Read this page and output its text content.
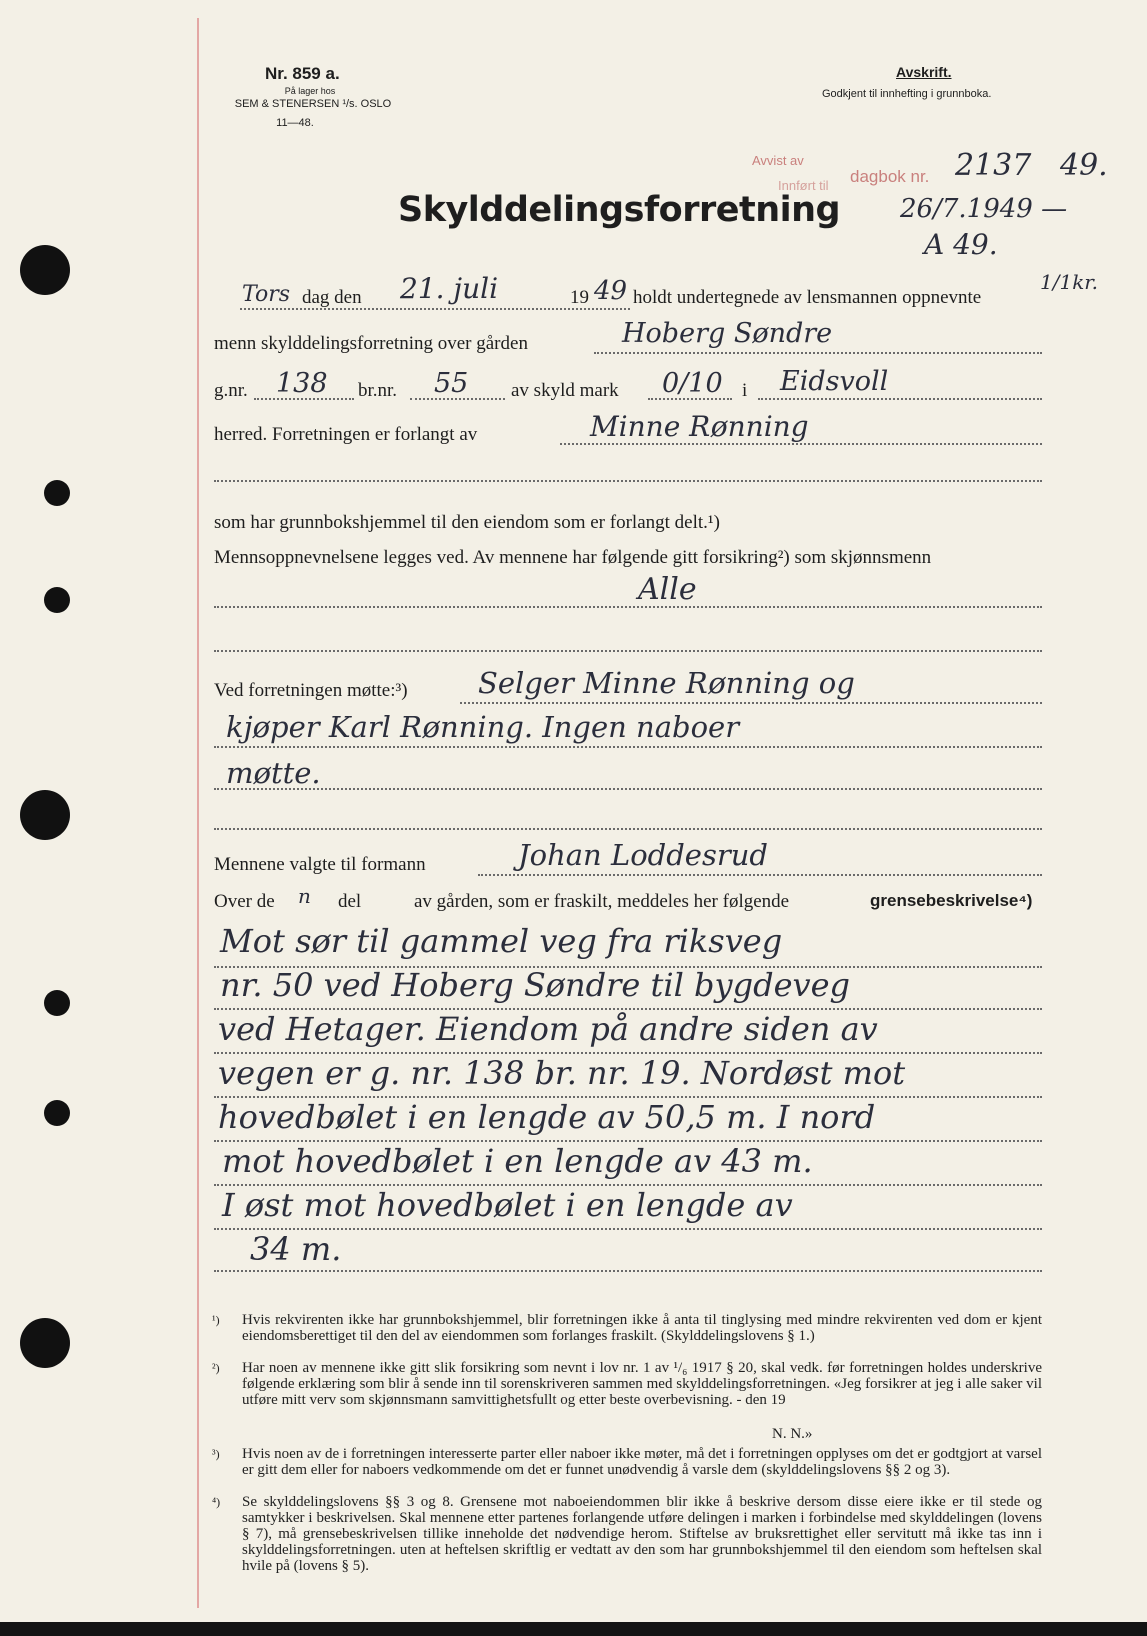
Nr. 859 a.
På lager hos
SEM & STENERSEN ¹/s. OSLO
11—48.
Avskrift.
Godkjent til innhefting i grunnboka.
Avvist av
Innført til dagbok nr. 2137 49.
26/7.1949 —
A 49.
1/1kr.
Skylddelingsforretning
Tors dag den 21. juli	19 49 holdt undertegnede av lensmannen oppnevnte
menn skylddelingsforretning over gården	Hoberg Søndre
g.nr. 138 br.nr. 55 av skyld mark 0/10 i Eidsvoll
herred. Forretningen er forlangt av	Minne Rønning
som har grunnbokshjemmel til den eiendom som er forlangt delt.¹)
Mennsoppnevnelsene legges ved. Av mennene har følgende gitt forsikring²) som skjønnsmenn
Alle
Ved forretningen møtte:³) Selger Minne Rønning og
kjøper Karl Rønning. Ingen naboer
møtte.
Mennene valgte til formann	Johan Loddesrud
Over de n del	av gården, som er fraskilt, meddeles her følgende	grensebeskrivelse⁴)
Mot sør til gammel veg fra riksveg
nr. 50 ved Hoberg Søndre til bygdeveg
ved Hetager. Eiendom på andre siden av
vegen er g. nr. 138 br. nr. 19. Nordøst mot
hovedbølet i en lengde av 50,5 m. I nord
mot hovedbølet i en lengde av 43 m.
I øst mot hovedbølet i en lengde av
34 m.
¹) Hvis rekvirenten ikke har grunnbokshjemmel, blir forretningen ikke å anta til tinglysing med mindre rekvirenten ved dom er kjent eiendomsberettiget til den del av eiendommen som forlanges fraskilt. (Skylddelingslovens § 1.)
²) Har noen av mennene ikke gitt slik forsikring som nevnt i lov nr. 1 av ¹/₆ 1917 § 20, skal vedk. før forretningen holdes underskrive følgende erklæring som blir å sende inn til sorenskriveren sammen med skylddelingsforretningen. «Jeg forsikrer at jeg i alle saker vil utføre mitt verv som skjønnsmann samvittighetsfullt og etter beste overbevisning. - den 19
N. N.»
³) Hvis noen av de i forretningen interesserte parter eller naboer ikke møter, må det i forretningen opplyses om det er godtgjort at varsel er gitt dem eller for naboers vedkommende om det er funnet unødvendig å varsle dem (skylddelingslovens §§ 2 og 3).
⁴) Se skylddelingslovens §§ 3 og 8. Grensene mot naboeiendommen blir ikke å beskrive dersom disse eiere ikke er til stede og samtykker i beskrivelsen. Skal mennene etter partenes forlangende utføre delingen i marken i forbindelse med skylddelingen (lovens § 7), må grensebeskrivelsen tillike inneholde det nødvendige herom. Stiftelse av bruksrettighet eller servitutt må ikke tas inn i skylddelingsforretningen. uten at heftelsen skriftlig er vedtatt av den som har grunnbokshjemmel til den eiendom som heftelsen skal hvile på (lovens § 5).
